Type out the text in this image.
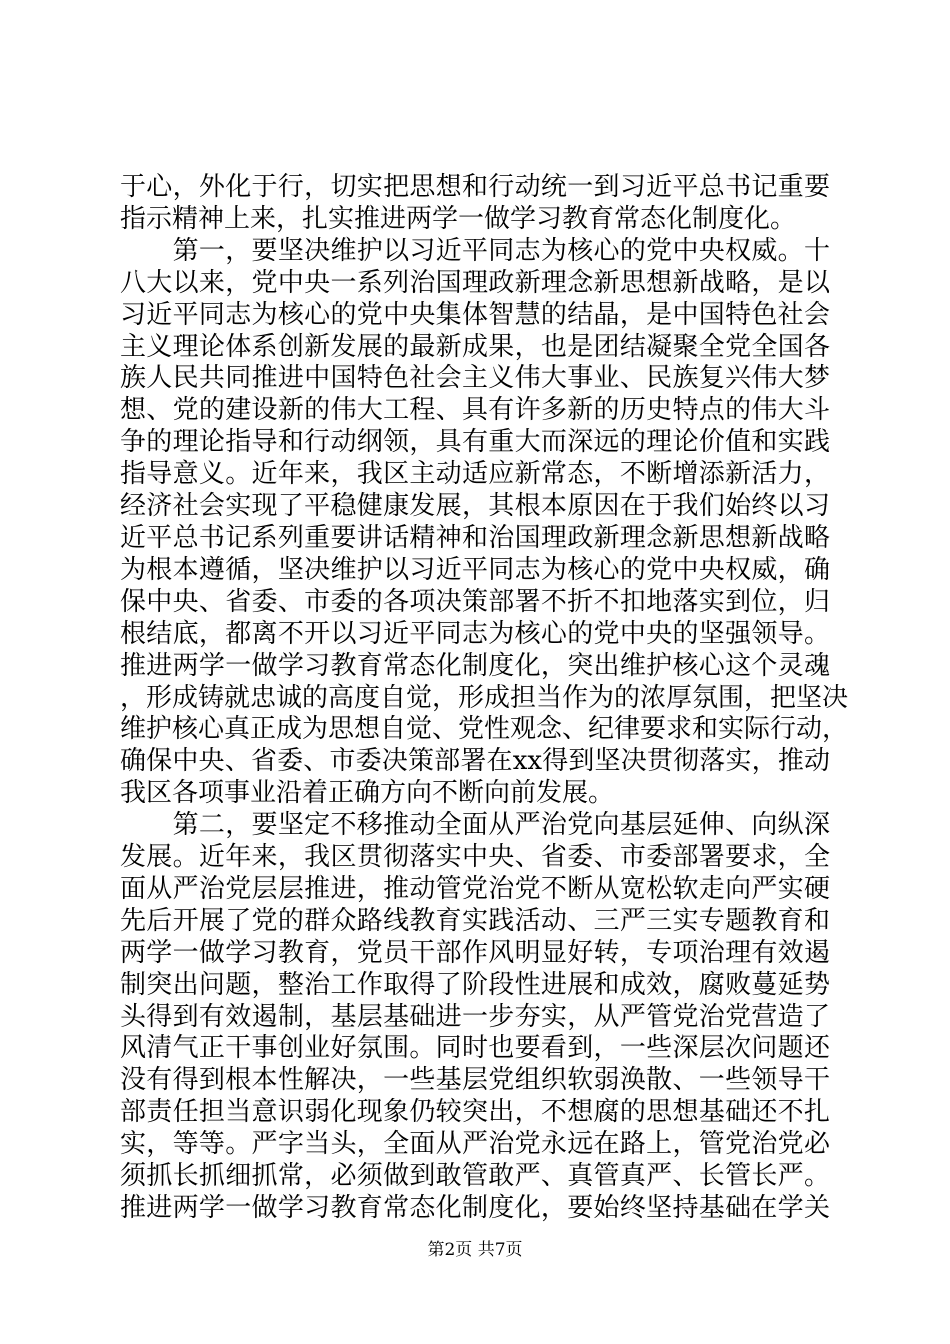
于心，外化于行，切实把思想和行动统一到习近平总书记重要
指示精神上来，扎实推进两学一做学习教育常态化制度化。
　　第一，要坚决维护以习近平同志为核心的党中央权威。十
八大以来，党中央一系列治国理政新理念新思想新战略，是以
习近平同志为核心的党中央集体智慧的结晶，是中国特色社会
主义理论体系创新发展的最新成果，也是团结凝聚全党全国各
族人民共同推进中国特色社会主义伟大事业、民族复兴伟大梦
想、党的建设新的伟大工程、具有许多新的历史特点的伟大斗
争的理论指导和行动纲领，具有重大而深远的理论价值和实践
指导意义。近年来，我区主动适应新常态，不断增添新活力，
经济社会实现了平稳健康发展，其根本原因在于我们始终以习
近平总书记系列重要讲话精神和治国理政新理念新思想新战略
为根本遵循，坚决维护以习近平同志为核心的党中央权威，确
保中央、省委、市委的各项决策部署不折不扣地落实到位，归
根结底，都离不开以习近平同志为核心的党中央的坚强领导。
推进两学一做学习教育常态化制度化，突出维护核心这个灵魂
，形成铸就忠诚的高度自觉，形成担当作为的浓厚氛围，把坚决
维护核心真正成为思想自觉、党性观念、纪律要求和实际行动，
确保中央、省委、市委决策部署在xx得到坚决贯彻落实，推动
我区各项事业沿着正确方向不断向前发展。
　　第二，要坚定不移推动全面从严治党向基层延伸、向纵深
发展。近年来，我区贯彻落实中央、省委、市委部署要求，全
面从严治党层层推进，推动管党治党不断从宽松软走向严实硬
先后开展了党的群众路线教育实践活动、三严三实专题教育和
两学一做学习教育，党员干部作风明显好转，专项治理有效遏
制突出问题，整治工作取得了阶段性进展和成效，腐败蔓延势
头得到有效遏制，基层基础进一步夯实，从严管党治党营造了
风清气正干事创业好氛围。同时也要看到，一些深层次问题还
没有得到根本性解决，一些基层党组织软弱涣散、一些领导干
部责任担当意识弱化现象仍较突出，不想腐的思想基础还不扎
实，等等。严字当头，全面从严治党永远在路上，管党治党必
须抓长抓细抓常，必须做到敢管敢严、真管真严、长管长严。
推进两学一做学习教育常态化制度化，要始终坚持基础在学关
第2页 共7页
